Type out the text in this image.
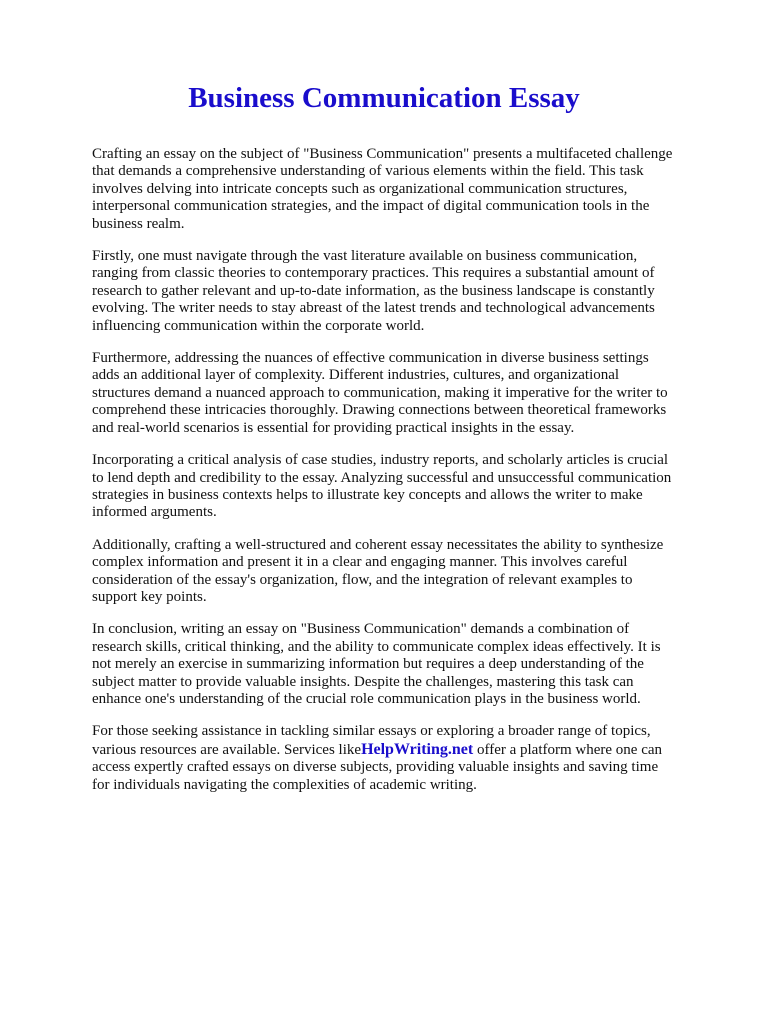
Business Communication Essay

Crafting an essay on the subject of "Business Communication" presents a multifaceted challenge that demands a comprehensive understanding of various elements within the field. This task involves delving into intricate concepts such as organizational communication structures, interpersonal communication strategies, and the impact of digital communication tools in the business realm.

Firstly, one must navigate through the vast literature available on business communication, ranging from classic theories to contemporary practices. This requires a substantial amount of research to gather relevant and up-to-date information, as the business landscape is constantly evolving. The writer needs to stay abreast of the latest trends and technological advancements influencing communication within the corporate world.

Furthermore, addressing the nuances of effective communication in diverse business settings adds an additional layer of complexity. Different industries, cultures, and organizational structures demand a nuanced approach to communication, making it imperative for the writer to comprehend these intricacies thoroughly. Drawing connections between theoretical frameworks and real-world scenarios is essential for providing practical insights in the essay.

Incorporating a critical analysis of case studies, industry reports, and scholarly articles is crucial to lend depth and credibility to the essay. Analyzing successful and unsuccessful communication strategies in business contexts helps to illustrate key concepts and allows the writer to make informed arguments.

Additionally, crafting a well-structured and coherent essay necessitates the ability to synthesize complex information and present it in a clear and engaging manner. This involves careful consideration of the essay's organization, flow, and the integration of relevant examples to support key points.

In conclusion, writing an essay on "Business Communication" demands a combination of research skills, critical thinking, and the ability to communicate complex ideas effectively. It is not merely an exercise in summarizing information but requires a deep understanding of the subject matter to provide valuable insights. Despite the challenges, mastering this task can enhance one's understanding of the crucial role communication plays in the business world.

For those seeking assistance in tackling similar essays or exploring a broader range of topics, various resources are available. Services likeHelpWriting.net offer a platform where one can access expertly crafted essays on diverse subjects, providing valuable insights and saving time for individuals navigating the complexities of academic writing.
